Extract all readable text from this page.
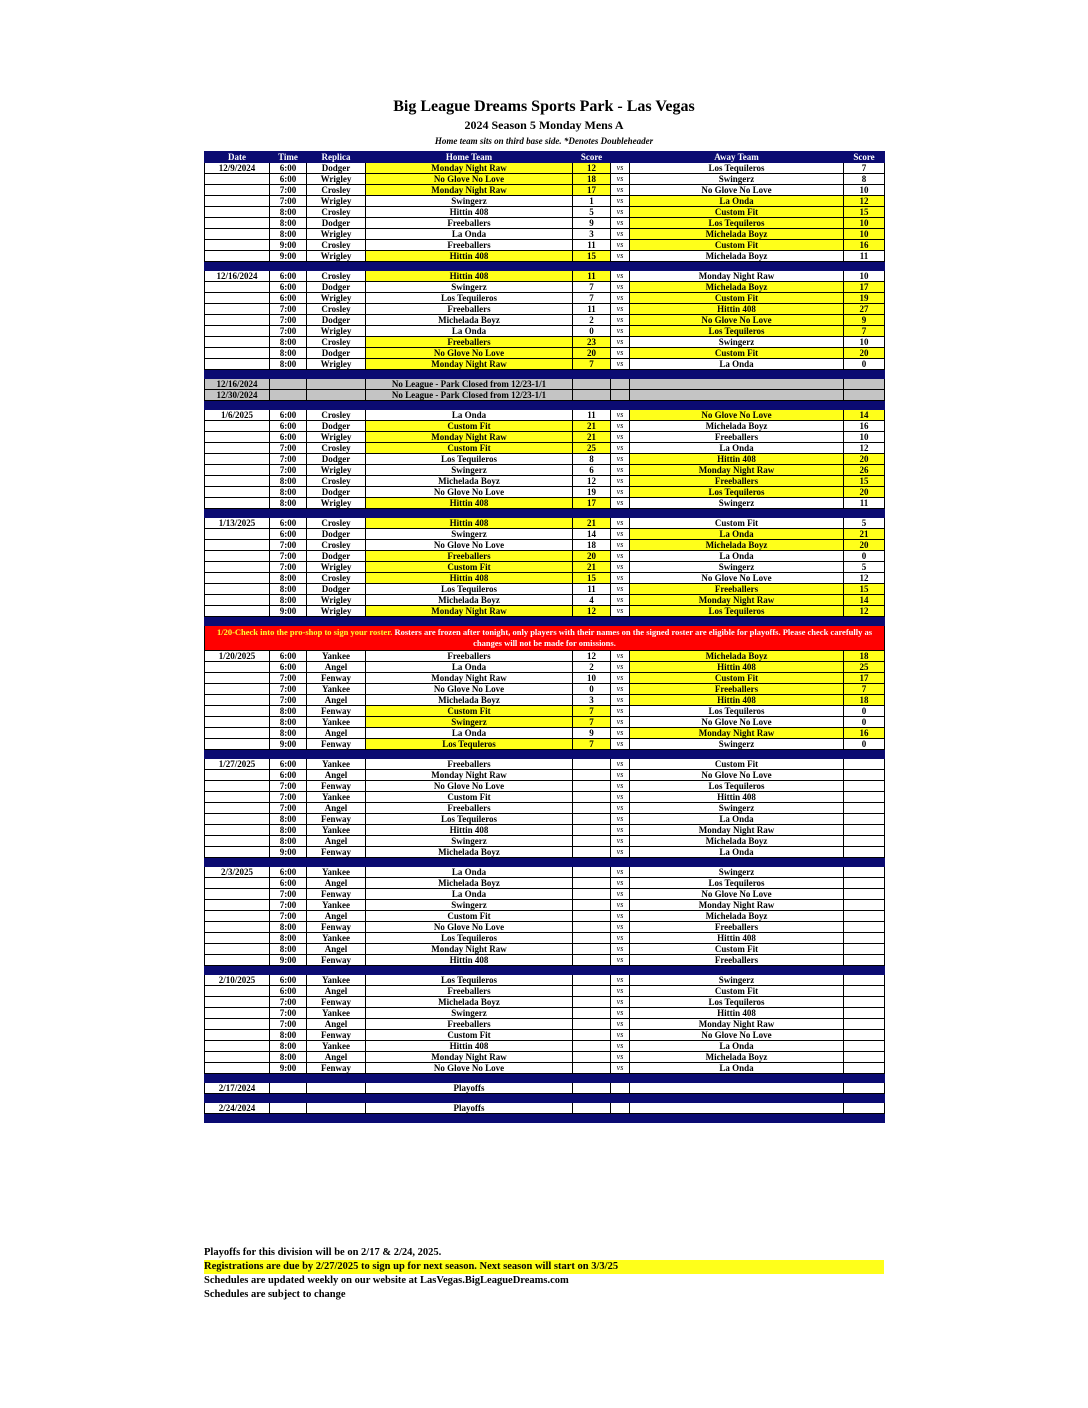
Big League Dreams Sports Park - Las Vegas
2024 Season 5 Monday Mens A
Home team sits on third base side. *Denotes Doubleheader
Date	Time	Replica	Home Team	Score		Away Team	Score
12/9/2024	6:00	Dodger	Monday Night Raw	12	vs	Los Tequileros	7
	6:00	Wrigley	No Glove No Love	18	vs	Swingerz	8
	7:00	Crosley	Monday Night Raw	17	vs	No Glove No Love	10
	7:00	Wrigley	Swingerz	1	vs	La Onda	12
	8:00	Crosley	Hittin 408	5	vs	Custom Fit	15
	8:00	Dodger	Freeballers	9	vs	Los Tequileros	10
	8:00	Wrigley	La Onda	3	vs	Michelada Boyz	10
	9:00	Crosley	Freeballers	11	vs	Custom Fit	16
	9:00	Wrigley	Hittin 408	15	vs	Michelada Boyz	11

12/16/2024	6:00	Crosley	Hittin 408	11	vs	Monday Night Raw	10
	6:00	Dodger	Swingerz	7	vs	Michelada Boyz	17
	6:00	Wrigley	Los Tequileros	7	vs	Custom Fit	19
	7:00	Crosley	Freeballers	11	vs	Hittin 408	27
	7:00	Dodger	Michelada Boyz	2	vs	No Glove No Love	9
	7:00	Wrigley	La Onda	0	vs	Los Tequileros	7
	8:00	Crosley	Freeballers	23	vs	Swingerz	10
	8:00	Dodger	No Glove No Love	20	vs	Custom Fit	20
	8:00	Wrigley	Monday Night Raw	7	vs	La Onda	0

12/16/2024			No League - Park Closed from 12/23-1/1				
12/30/2024			No League - Park Closed from 12/23-1/1				

1/6/2025	6:00	Crosley	La Onda	11	vs	No Glove No Love	14
	6:00	Dodger	Custom Fit	21	vs	Michelada Boyz	16
	6:00	Wrigley	Monday Night Raw	21	vs	Freeballers	10
	7:00	Crosley	Custom Fit	25	vs	La Onda	12
	7:00	Dodger	Los Tequileros	8	vs	Hittin 408	20
	7:00	Wrigley	Swingerz	6	vs	Monday Night Raw	26
	8:00	Crosley	Michelada Boyz	12	vs	Freeballers	15
	8:00	Dodger	No Glove No Love	19	vs	Los Tequileros	20
	8:00	Wrigley	Hittin 408	17	vs	Swingerz	11

1/13/2025	6:00	Crosley	Hittin 408	21	vs	Custom Fit	5
	6:00	Dodger	Swingerz	14	vs	La Onda	21
	7:00	Crosley	No Glove No Love	18	vs	Michelada Boyz	20
	7:00	Dodger	Freeballers	20	vs	La Onda	0
	7:00	Wrigley	Custom Fit	21	vs	Swingerz	5
	8:00	Crosley	Hittin 408	15	vs	No Glove No Love	12
	8:00	Dodger	Los Tequileros	11	vs	Freeballers	15
	8:00	Wrigley	Michelada Boyz	4	vs	Monday Night Raw	14
	9:00	Wrigley	Monday Night Raw	12	vs	Los Tequileros	12

1/20-Check into the pro-shop to sign your roster. Rosters are frozen after tonight, only players with their names on the signed roster are eligible for playoffs. Please check carefully as changes will not be made for omissions.							
1/20/2025	6:00	Yankee	Freeballers	12	vs	Michelada Boyz	18
	6:00	Angel	La Onda	2	vs	Hittin 408	25
	7:00	Fenway	Monday Night Raw	10	vs	Custom Fit	17
	7:00	Yankee	No Glove No Love	0	vs	Freeballers	7
	7:00	Angel	Michelada Boyz	3	vs	Hittin 408	18
	8:00	Fenway	Custom Fit	7	vs	Los Tequileros	0
	8:00	Yankee	Swingerz	7	vs	No Glove No Love	0
	8:00	Angel	La Onda	9	vs	Monday Night Raw	16
	9:00	Fenway	Los Tequleros	7	vs	Swingerz	0

1/27/2025	6:00	Yankee	Freeballers		vs	Custom Fit	
	6:00	Angel	Monday Night Raw		vs	No Glove No Love	
	7:00	Fenway	No Glove No Love		vs	Los Tequileros	
	7:00	Yankee	Custom Fit		vs	Hittin 408	
	7:00	Angel	Freeballers		vs	Swingerz	
	8:00	Fenway	Los Tequileros		vs	La Onda	
	8:00	Yankee	Hittin 408		vs	Monday Night Raw	
	8:00	Angel	Swingerz		vs	Michelada Boyz	
	9:00	Fenway	Michelada Boyz		vs	La Onda	

2/3/2025	6:00	Yankee	La Onda		vs	Swingerz	
	6:00	Angel	Michelada Boyz		vs	Los Tequileros	
	7:00	Fenway	La Onda		vs	No Glove No Love	
	7:00	Yankee	Swingerz		vs	Monday Night Raw	
	7:00	Angel	Custom Fit		vs	Michelada Boyz	
	8:00	Fenway	No Glove No Love		vs	Freeballers	
	8:00	Yankee	Los Tequileros		vs	Hittin 408	
	8:00	Angel	Monday Night Raw		vs	Custom Fit	
	9:00	Fenway	Hittin 408		vs	Freeballers	

2/10/2025	6:00	Yankee	Los Tequileros		vs	Swingerz	
	6:00	Angel	Freeballers		vs	Custom Fit	
	7:00	Fenway	Michelada Boyz		vs	Los Tequileros	
	7:00	Yankee	Swingerz		vs	Hittin 408	
	7:00	Angel	Freeballers		vs	Monday Night Raw	
	8:00	Fenway	Custom Fit		vs	No Glove No Love	
	8:00	Yankee	Hittin 408		vs	La Onda	
	8:00	Angel	Monday Night Raw		vs	Michelada Boyz	
	9:00	Fenway	No Glove No Love		vs	La Onda	

2/17/2024			Playoffs				

2/24/2024			Playoffs				

Playoffs for this division will be on 2/17 & 2/24, 2025.
Registrations are due by 2/27/2025 to sign up for next season. Next season will start on 3/3/25
Schedules are updated weekly on our website at LasVegas.BigLeagueDreams.com
Schedules are subject to change
